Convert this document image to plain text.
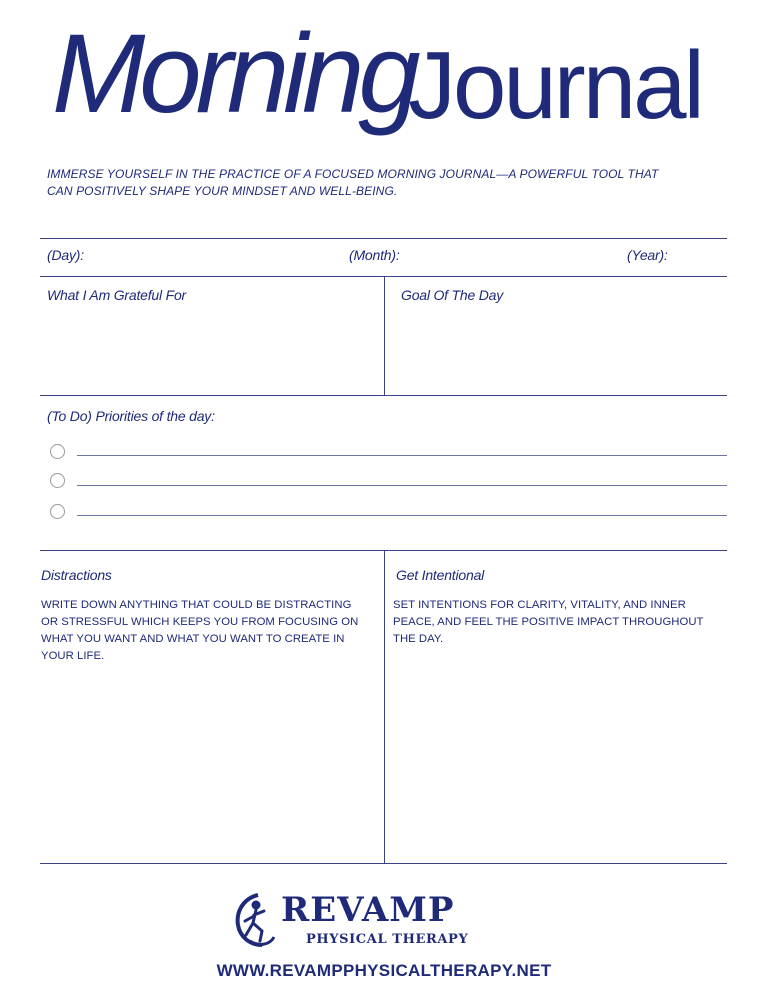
Morning
Journal
IMMERSE YOURSELF IN THE PRACTICE OF A FOCUSED MORNING JOURNAL—A POWERFUL TOOL THAT CAN POSITIVELY SHAPE YOUR MINDSET AND WELL-BEING.
(Day):	(Month):	(Year):
What I Am Grateful For	Goal Of The Day
(To Do) Priorities of the day:
Distractions
WRITE DOWN ANYTHING THAT COULD BE DISTRACTING OR STRESSFUL WHICH KEEPS YOU FROM FOCUSING ON WHAT YOU WANT AND WHAT YOU WANT TO CREATE IN YOUR LIFE.
Get Intentional
SET INTENTIONS FOR CLARITY, VITALITY, AND INNER PEACE, AND FEEL THE POSITIVE IMPACT THROUGHOUT THE DAY.
REVAMP
PHYSICAL THERAPY
WWW.REVAMPPHYSICALTHERAPY.NET
